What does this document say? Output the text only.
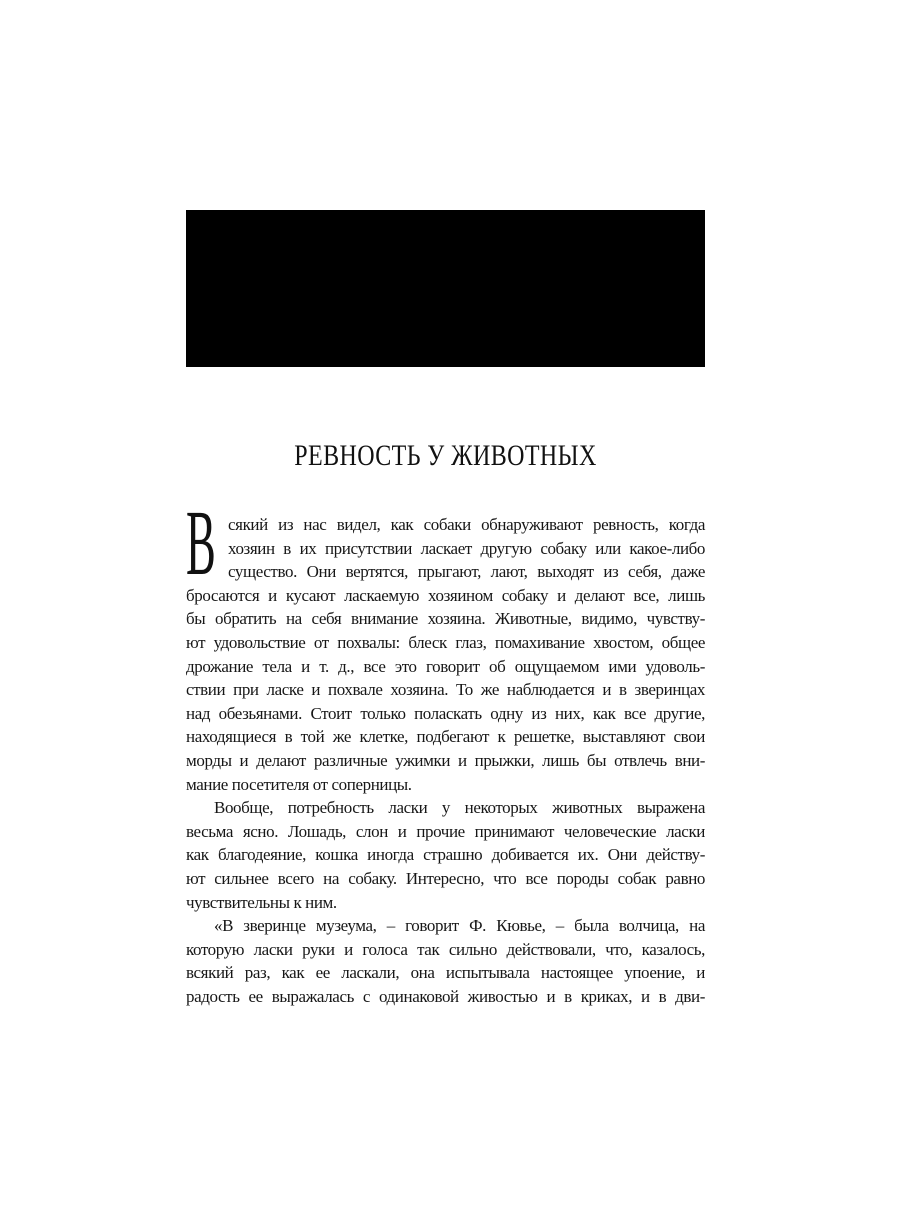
РЕВНОСТЬ У ЖИВОТНЫХ
В сякий из нас видел, как собаки обнаруживают ревность, когда
хозяин в их присутствии ласкает другую собаку или какое-либо
существо. Они вертятся, прыгают, лают, выходят из себя, даже
бросаются и кусают ласкаемую хозяином собаку и делают все, лишь
бы обратить на себя внимание хозяина. Животные, видимо, чувству-
ют удовольствие от похвалы: блеск глаз, помахивание хвостом, общее
дрожание тела и т. д., все это говорит об ощущаемом ими удоволь-
ствии при ласке и похвале хозяина. То же наблюдается и в зверинцах
над обезьянами. Стоит только поласкать одну из них, как все другие,
находящиеся в той же клетке, подбегают к решетке, выставляют свои
морды и делают различные ужимки и прыжки, лишь бы отвлечь вни-
мание посетителя от соперницы.
Вообще, потребность ласки у некоторых животных выражена
весьма ясно. Лошадь, слон и прочие принимают человеческие ласки
как благодеяние, кошка иногда страшно добивается их. Они действу-
ют сильнее всего на собаку. Интересно, что все породы собак равно
чувствительны к ним.
«В зверинце музеума, – говорит Ф. Кювье, – была волчица, на
которую ласки руки и голоса так сильно действовали, что, казалось,
всякий раз, как ее ласкали, она испытывала настоящее упоение, и
радость ее выражалась с одинаковой живостью и в криках, и в дви-
